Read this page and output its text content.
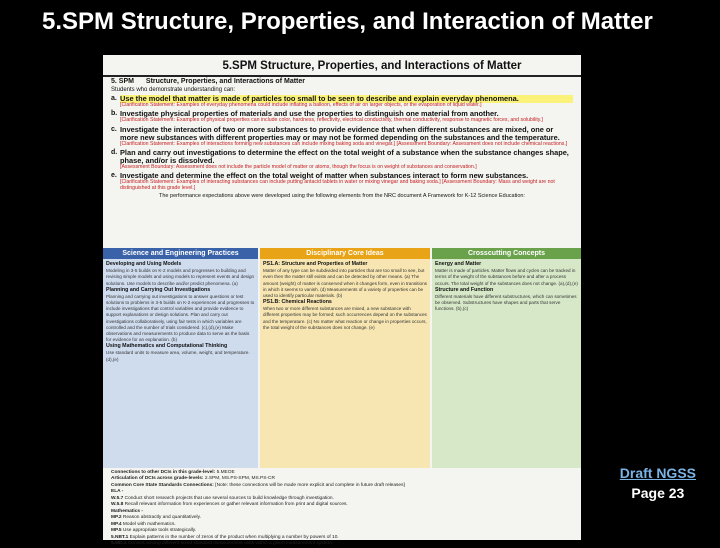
5.SPM Structure, Properties, and Interaction of Matter
5.SPM Structure, Properties, and Interactions of Matter
5. SPM Structure, Properties, and Interactions of Matter
Students who demonstrate understanding can:
a. Use the model that matter is made of particles too small to be seen to describe and explain everyday phenomena.
[Clarification Statement: Examples of everyday phenomena could include inflating a balloon, effects of air on larger objects, or the evaporation of liquid water.]
b. Investigate physical properties of materials and use the properties to distinguish one material from another.
[Clarification Statement: Examples of physical properties can include color, hardness, reflectivity, electrical conductivity, thermal conductivity, response to magnetic forces, and solubility.]
c. Investigate the interaction of two or more substances to provide evidence that when different substances are mixed, one or more new substances with different properties may or may not be formed depending on the substances and the temperature.
[Clarification Statement: Examples of interactions forming new substances can include mixing baking soda and vinegar.] [Assessment Boundary: Assessment does not include chemical reactions.]
d. Plan and carry out investigations to determine the effect on the total weight of a substance when the substance changes shape, phase, and/or is dissolved.
[Assessment Boundary: Assessment does not include the particle model of matter or atoms, though the focus is on weight of substances and conservation.]
e. Investigate and determine the effect on the total weight of matter when substances interact to form new substances.
[Clarification Statement: Examples of interacting substances can include putting antacid tablets in water or mixing vinegar and baking soda.] [Assessment Boundary: Mass and weight are not distinguished at this grade level.]
The performance expectations above were developed using the following elements from the NRC document A Framework for K-12 Science Education:
Science and Engineering Practices
Developing and Using Models
Modeling in 3-5 builds on K-2 models and progresses to building and revising simple models and using models to represent events and design solutions. Use models to describe and/or predict phenomena. (a)
Planning and Carrying Out Investigations
Planning and carrying out investigations to answer questions or test solutions to problems in 3-5 builds on K-2 experiences and progresses to include investigations that control variables and provide evidence to support explanations or design solutions. Plan and carry out investigations collaboratively, using fair tests in which variables are controlled and the number of trials considered. (c),(d),(e) Make observations and measurements to produce data to serve as the basis for evidence for an explanation. (b)
Using Mathematics and Computational Thinking
Use standard units to measure area, volume, weight, and temperature. (d),(e)
Disciplinary Core Ideas
PS1.A: Structure and Properties of Matter
Matter of any type can be subdivided into particles that are too small to see, but even then the matter still exists and can be detected by other means. (a) The amount (weight) of matter is conserved when it changes form, even in transitions in which it seems to vanish. (d) Measurements of a variety of properties can be used to identify particular materials. (b)
PS1.B: Chemical Reactions
When two or more different substances are mixed, a new substance with different properties may be formed; such occurrences depend on the substances and the temperature. (c) No matter what reaction or change in properties occurs, the total weight of the substances does not change. (e)
Crosscutting Concepts
Energy and Matter
Matter is made of particles. Matter flows and cycles can be tracked in terms of the weight of the substances before and after a process occurs. The total weight of the substances does not change. (a),(d),(e)
Structure and Function
Different materials have different substructures, which can sometimes be observed. Substructures have shapes and parts that serve functions. (b),(c)
Connections to other DCIs in this grade-level: 5.MEOE
Articulation of DCIs across grade-levels: 2.SPM, MS.PS-SPM, MS.PS-CR
Common Core State Standards Connections: [Note: these connections will be made more explicit and complete in future draft releases]
ELA -
W.5.7 Conduct short research projects that use several sources to build knowledge through investigation.
W.5.8 Recall relevant information from experiences or gather relevant information from print and digital sources.
Mathematics -
MP.2 Reason abstractly and quantitatively.
MP.4 Model with mathematics.
MP.5 Use appropriate tools strategically.
5.NBT.1 Explain patterns in the number of zeros of the product when multiplying a number by powers of 10.
5.MD.1 Convert among different-sized standard measurement units within a given measurement system.
Draft NGSS
Page 23
